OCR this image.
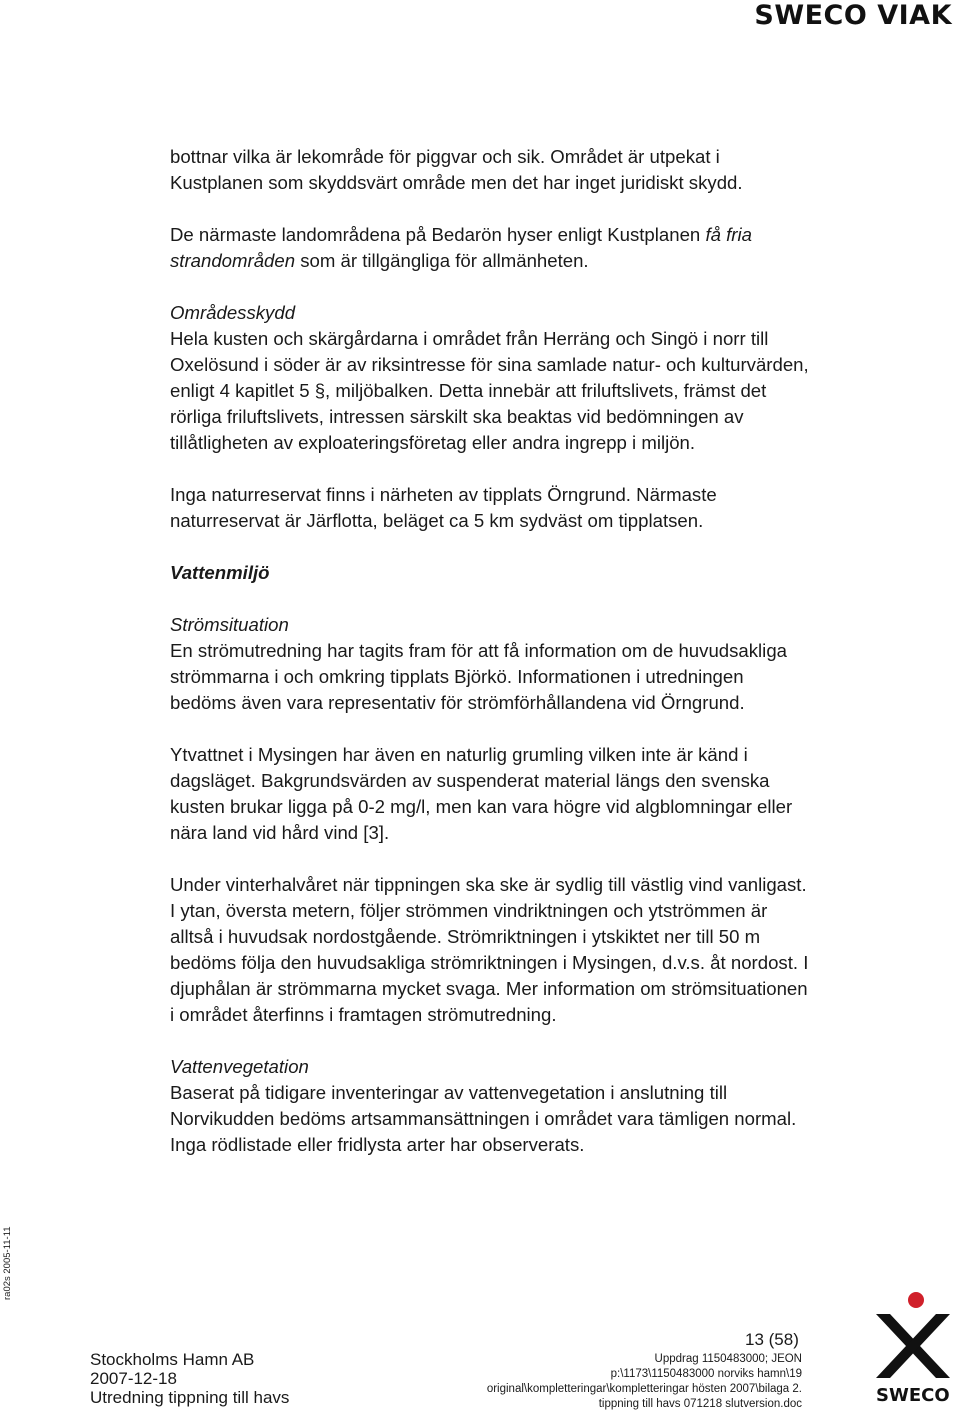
SWECO VIAK

bottnar vilka är lekområde för piggvar och sik. Området är utpekat i Kustplanen som skyddsvärt område men det har inget juridiskt skydd.

De närmaste landområdena på Bedarön hyser enligt Kustplanen få fria strandområden som är tillgängliga för allmänheten.

Områdesskydd

Hela kusten och skärgårdarna i området från Herräng och Singö i norr till Oxelösund i söder är av riksintresse för sina samlade natur- och kulturvärden, enligt 4 kapitlet 5 §, miljöbalken. Detta innebär att friluftslivets, främst det rörliga friluftslivets, intressen särskilt ska beaktas vid bedömningen av tillåtligheten av exploateringsföretag eller andra ingrepp i miljön.

Inga naturreservat finns i närheten av tipplats Örngrund. Närmaste naturreservat är Järflotta, beläget ca 5 km sydväst om tipplatsen.

Vattenmiljö
Strömsituation

En strömutredning har tagits fram för att få information om de huvudsakliga strömmarna i och omkring tipplats Björkö. Informationen i utredningen bedöms även vara representativ för strömförhållandena vid Örngrund.

Ytvattnet i Mysingen har även en naturlig grumling vilken inte är känd i dagsläget. Bakgrundsvärden av suspenderat material längs den svenska kusten brukar ligga på 0-2 mg/l, men kan vara högre vid algblomningar eller nära land vid hård vind [3].

Under vinterhalvåret när tippningen ska ske är sydlig till västlig vind vanligast. I ytan, översta metern, följer strömmen vindriktningen och ytströmmen är alltså i huvudsak nordostgående. Strömriktningen i ytskiktet ner till 50 m bedöms följa den huvudsakliga strömriktningen i Mysingen, d.v.s. åt nordost. I djuphålan är strömmarna mycket svaga. Mer information om strömsituationen i området återfinns i framtagen strömutredning.

Vattenvegetation

Baserat på tidigare inventeringar av vattenvegetation i anslutning till Norvikudden bedöms artsammansättningen i området vara tämligen normal. Inga rödlistade eller fridlysta arter har observerats.

ra02s 2005-11-11
13 (58)
Stockholms Hamn AB
2007-12-18
Utredning tippning till havs
Uppdrag 1150483000; JEON
p:\1173\1150483000 norviks hamn\19
original\kompletteringar\kompletteringar hösten 2007\bilaga 2.
tippning till havs 071218 slutversion.doc	SWECO
